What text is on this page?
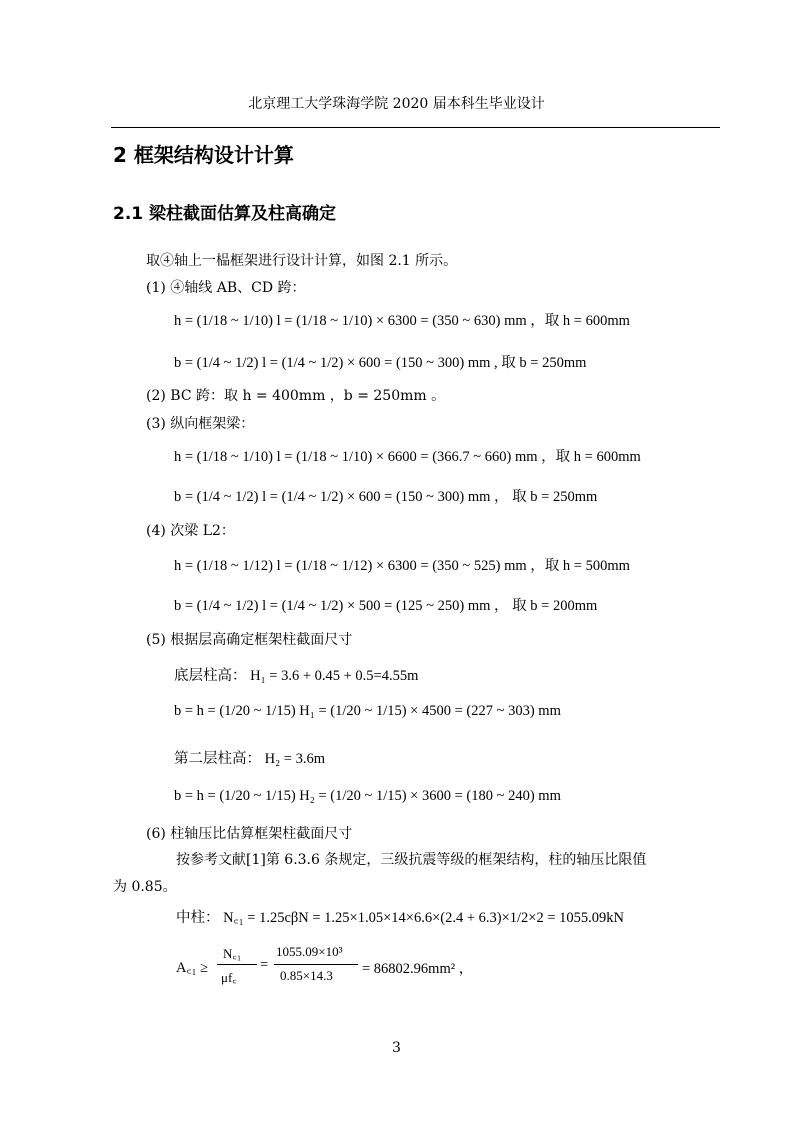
北京理工大学珠海学院 2020 届本科生毕业设计
2 框架结构设计计算
2.1 梁柱截面估算及柱高确定
取④轴上一榀框架进行设计计算，如图 2.1 所示。
(1) ④轴线 AB、CD 跨：
h = (1/18 ~ 1/10) l = (1/18 ~ 1/10) × 6300 = (350 ~ 630) mm ，取 h = 600mm
b = (1/4 ~ 1/2) l = (1/4 ~ 1/2) × 600 = (150 ~ 300) mm , 取 b = 250mm
(2) BC 跨：取 h = 400mm ，b = 250mm 。
(3) 纵向框架梁：
h = (1/18 ~ 1/10) l = (1/18 ~ 1/10) × 6600 = (366.7 ~ 660) mm ，取 h = 600mm
b = (1/4 ~ 1/2) l = (1/4 ~ 1/2) × 600 = (150 ~ 300) mm ， 取 b = 250mm
(4) 次梁 L2：
h = (1/18 ~ 1/12) l = (1/18 ~ 1/12) × 6300 = (350 ~ 525) mm ，取 h = 500mm
b = (1/4 ~ 1/2) l = (1/4 ~ 1/2) × 500 = (125 ~ 250) mm ， 取 b = 200mm
(5) 根据层高确定框架柱截面尺寸
底层柱高： H₁ = 3.6 + 0.45 + 0.5=4.55m
b = h = (1/20 ~ 1/15) H₁ = (1/20 ~ 1/15) × 4500 = (227 ~ 303) mm
第二层柱高： H₂ = 3.6m
b = h = (1/20 ~ 1/15) H₂ = (1/20 ~ 1/15) × 3600 = (180 ~ 240) mm
(6) 柱轴压比估算框架柱截面尺寸
按参考文献[1]第 6.3.6 条规定，三级抗震等级的框架结构，柱的轴压比限值
为 0.85。
中柱： N꜀₁ = 1.25cβN = 1.25×1.05×14×6.6×(2.4 + 6.3)×1/2×2 = 1055.09kN
A꜀₁ ≥
N꜀₁
μf꜀
=
1055.09×10³
0.85×14.3 = 86802.96mm² ，
3
